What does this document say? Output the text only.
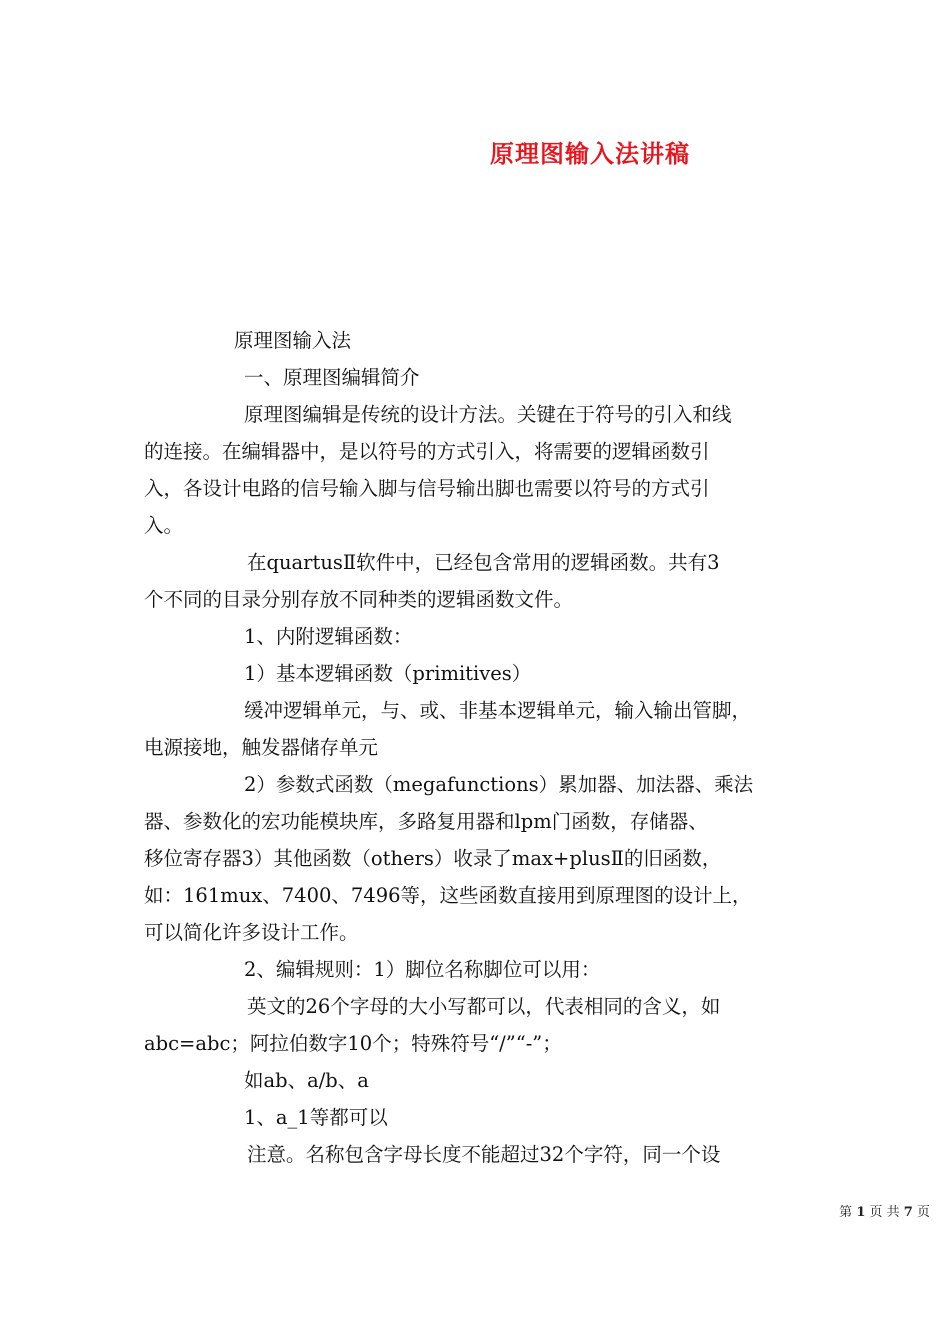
原理图输入法讲稿

原理图输入法

一、原理图编辑简介

原理图编辑是传统的设计方法。关键在于符号的引入和线

的连接。在编辑器中，是以符号的方式引入，将需要的逻辑函数引

入，各设计电路的信号输入脚与信号输出脚也需要以符号的方式引

入。

在quartusⅡ软件中，已经包含常用的逻辑函数。共有3

个不同的目录分别存放不同种类的逻辑函数文件。

1、内附逻辑函数：

1）基本逻辑函数（primitives）

缓冲逻辑单元，与、或、非基本逻辑单元，输入输出管脚，

电源接地，触发器储存单元

2）参数式函数（megafunctions）累加器、加法器、乘法

器、参数化的宏功能模块库，多路复用器和lpm门函数，存储器、

移位寄存器3）其他函数（others）收录了max+plusⅡ的旧函数，

如：161mux、7400、7496等，这些函数直接用到原理图的设计上，

可以简化许多设计工作。

2、编辑规则：1）脚位名称脚位可以用：

英文的26个字母的大小写都可以，代表相同的含义，如

abc=abc；阿拉伯数字10个；特殊符号“/”“-”；

如ab、a/b、a

1、a_1等都可以

注意。名称包含字母长度不能超过32个字符，同一个设

第 1 页 共 7 页
